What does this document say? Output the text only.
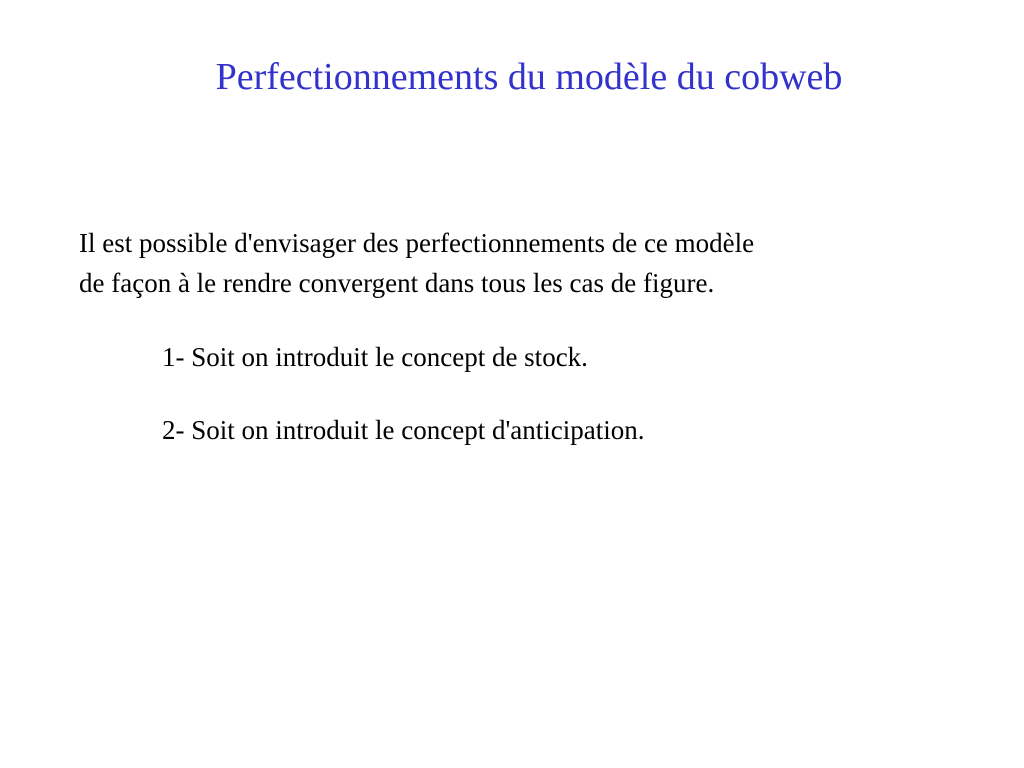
Perfectionnements du modèle du cobweb
Il est possible d'envisager des perfectionnements de ce modèle
de façon à le rendre convergent dans tous les cas de figure.
1- Soit on introduit le concept de stock.
2- Soit on introduit le concept d'anticipation.
